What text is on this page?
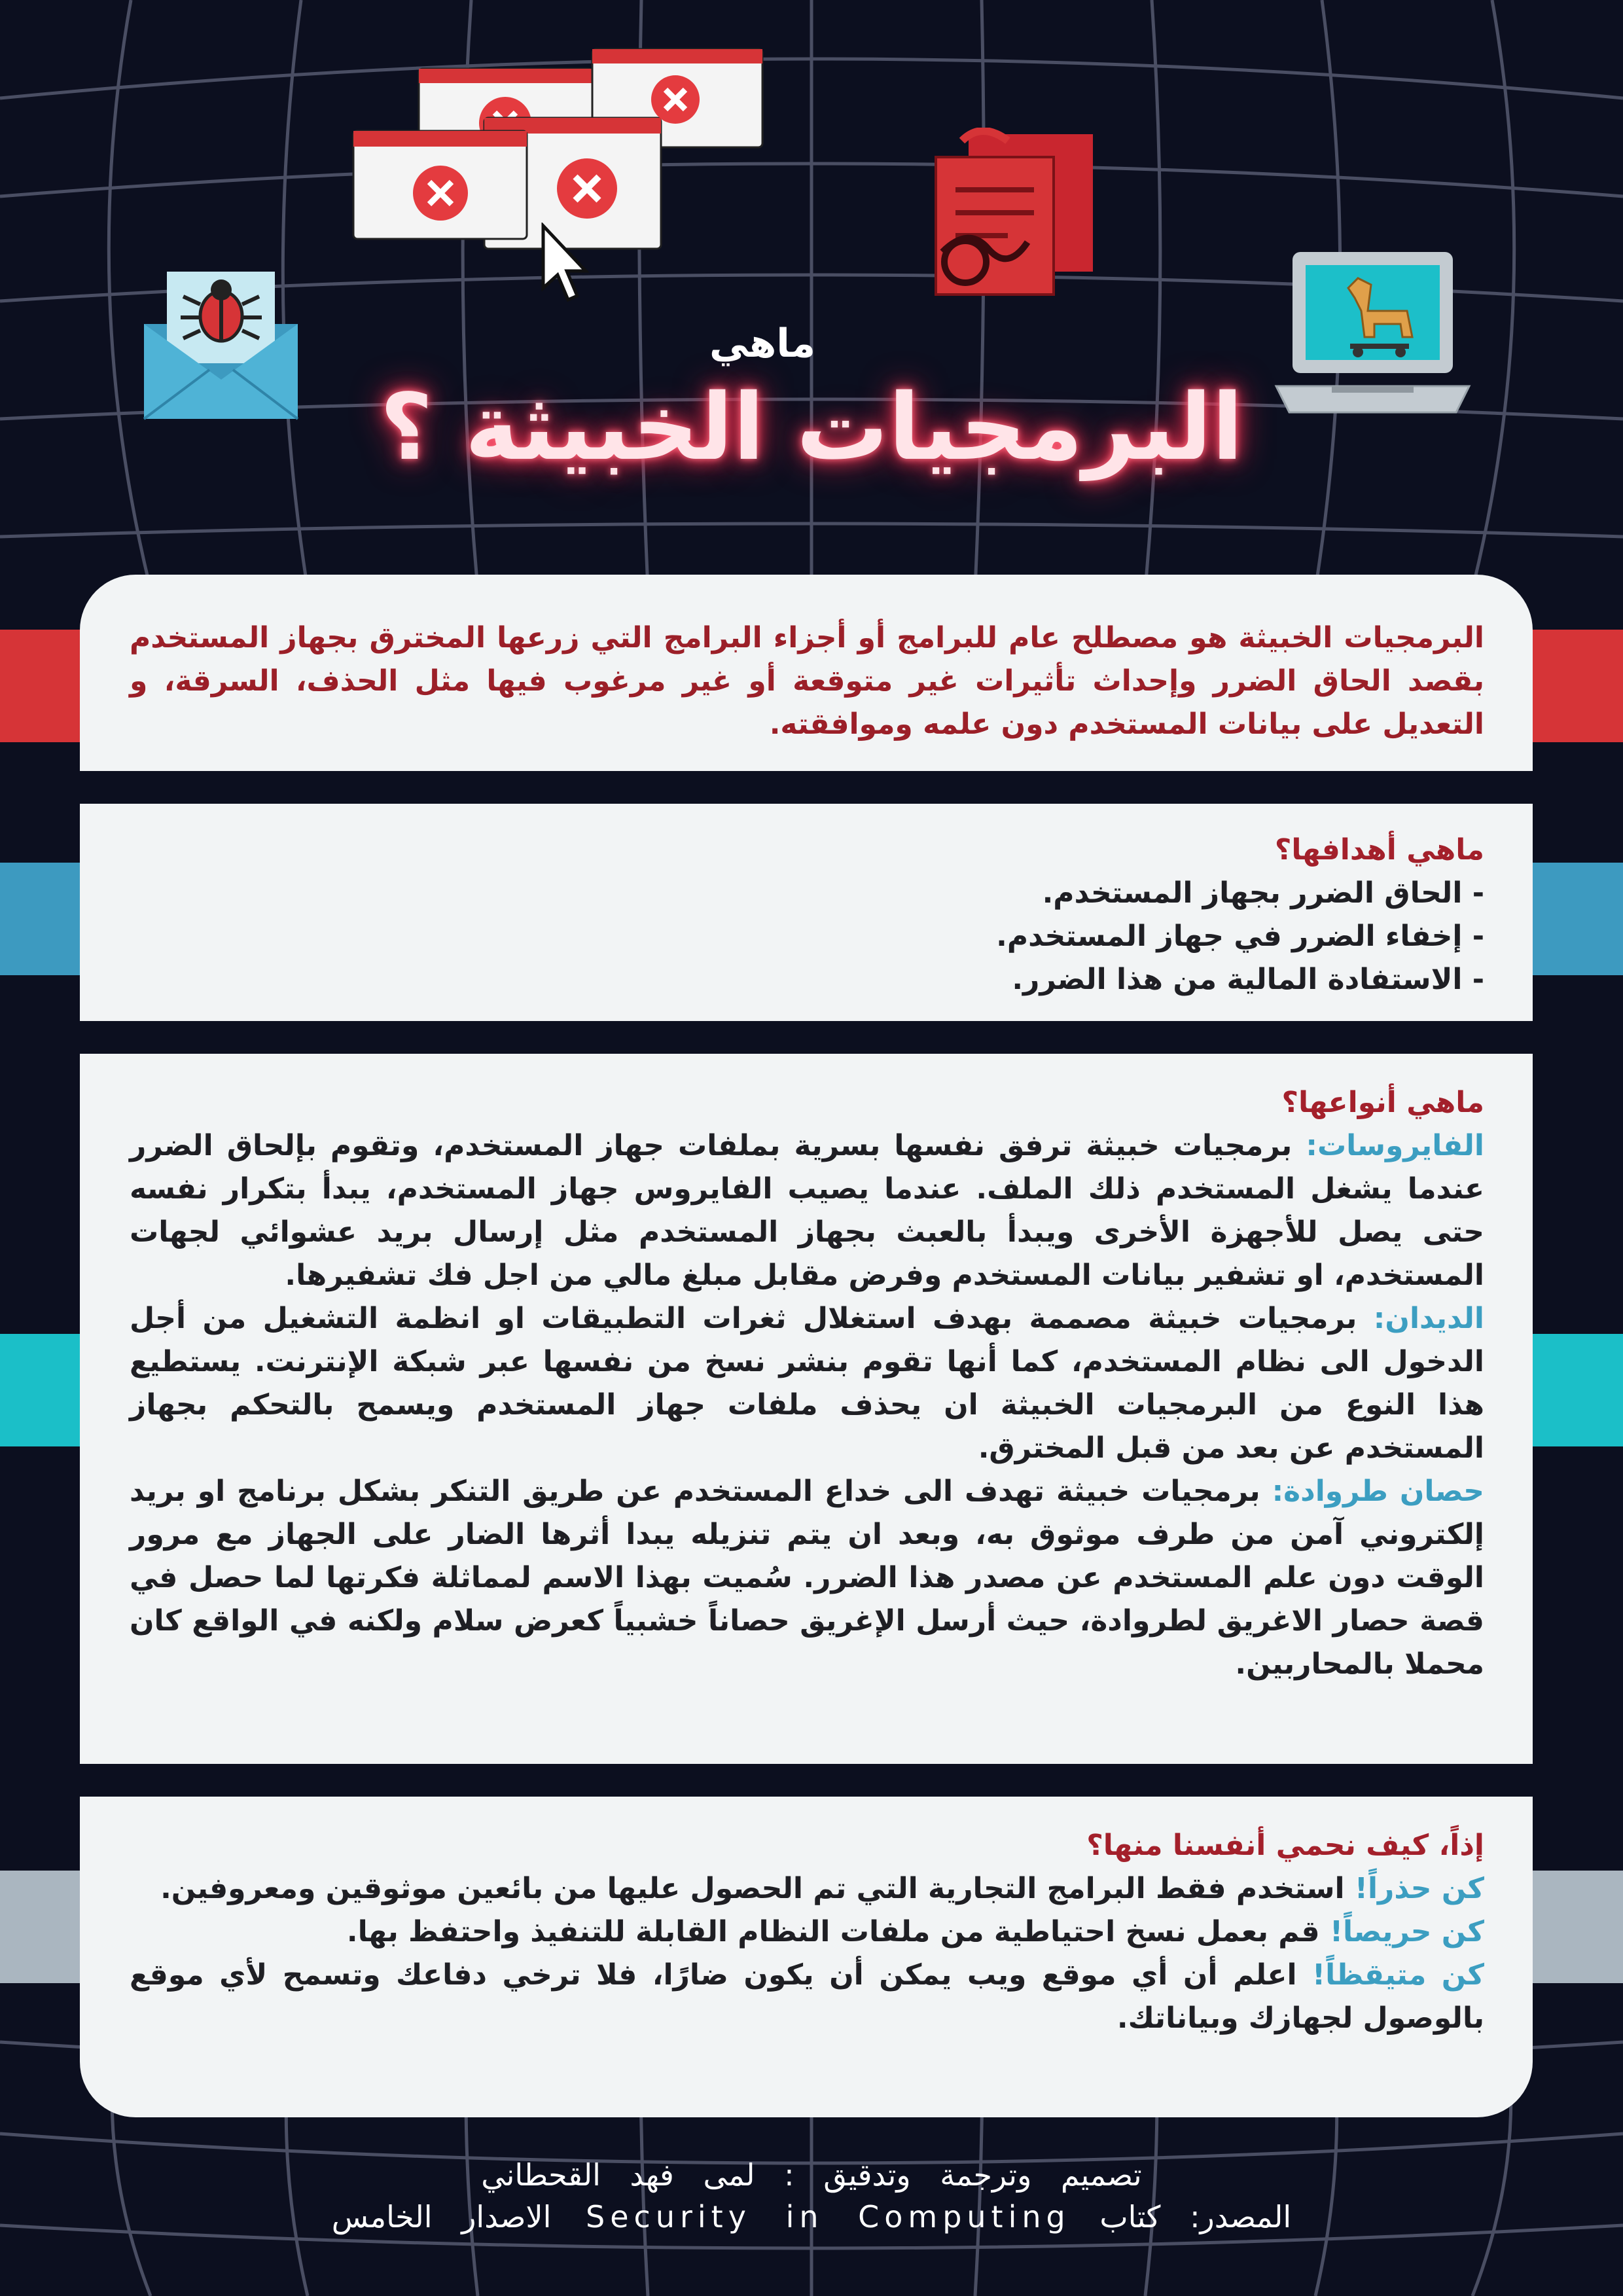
ماهي
البرمجيات الخبيثة ؟

البرمجيات الخبيثة هو مصطلح عام للبرامج أو أجزاء البرامج التي زرعها المخترق بجهاز المستخدم بقصد الحاق الضرر وإحداث تأثيرات غير متوقعة أو غير مرغوب فيها مثل الحذف، السرقة، و التعديل على بيانات المستخدم دون علمه وموافقته.

ماهي أهدافها؟
- الحاق الضرر بجهاز المستخدم.
- إخفاء الضرر في جهاز المستخدم.
- الاستفادة المالية من هذا الضرر.
ماهي أنواعها؟

الفايروسات: برمجيات خبيثة ترفق نفسها بسرية بملفات جهاز المستخدم، وتقوم بإلحاق الضرر عندما يشغل المستخدم ذلك الملف. عندما يصيب الفايروس جهاز المستخدم، يبدأ بتكرار نفسه حتى يصل للأجهزة الأخرى ويبدأ بالعبث بجهاز المستخدم مثل إرسال بريد عشوائي لجهات المستخدم، او تشفير بيانات المستخدم وفرض مقابل مبلغ مالي من اجل فك تشفيرها.

الديدان: برمجيات خبيثة مصممة بهدف استغلال ثغرات التطبيقات او انظمة التشغيل من أجل الدخول الى نظام المستخدم، كما أنها تقوم بنشر نسخ من نفسها عبر شبكة الإنترنت. يستطيع هذا النوع من البرمجيات الخبيثة ان يحذف ملفات جهاز المستخدم ويسمح بالتحكم بجهاز المستخدم عن بعد من قبل المخترق.

حصان طروادة: برمجيات خبيثة تهدف الى خداع المستخدم عن طريق التنكر بشكل برنامج او بريد إلكتروني آمن من طرف موثوق به، وبعد ان يتم تنزيله يبدا أثرها الضار على الجهاز مع مرور الوقت دون علم المستخدم عن مصدر هذا الضرر. سُميت بهذا الاسم لمماثلة فكرتها لما حصل في قصة حصار الاغريق لطروادة، حيث أرسل الإغريق حصاناً خشبياً كعرض سلام ولكنه في الواقع كان محملا بالمحاربين.

إذاً، كيف نحمي أنفسنا منها؟

كن حذراً! استخدم فقط البرامج التجارية التي تم الحصول عليها من بائعين موثوقين ومعروفين.

كن حريصاً! قم بعمل نسخ احتياطية من ملفات النظام القابلة للتنفيذ واحتفظ بها.

كن متيقظاً! اعلم أن أي موقع ويب يمكن أن يكون ضارًا، فلا ترخي دفاعك وتسمح لأي موقع بالوصول لجهازك وبياناتك.

تصميم وترجمة وتدقيق : لمى فهد القحطاني
المصدر: كتاب Security in Computing الاصدار الخامس
